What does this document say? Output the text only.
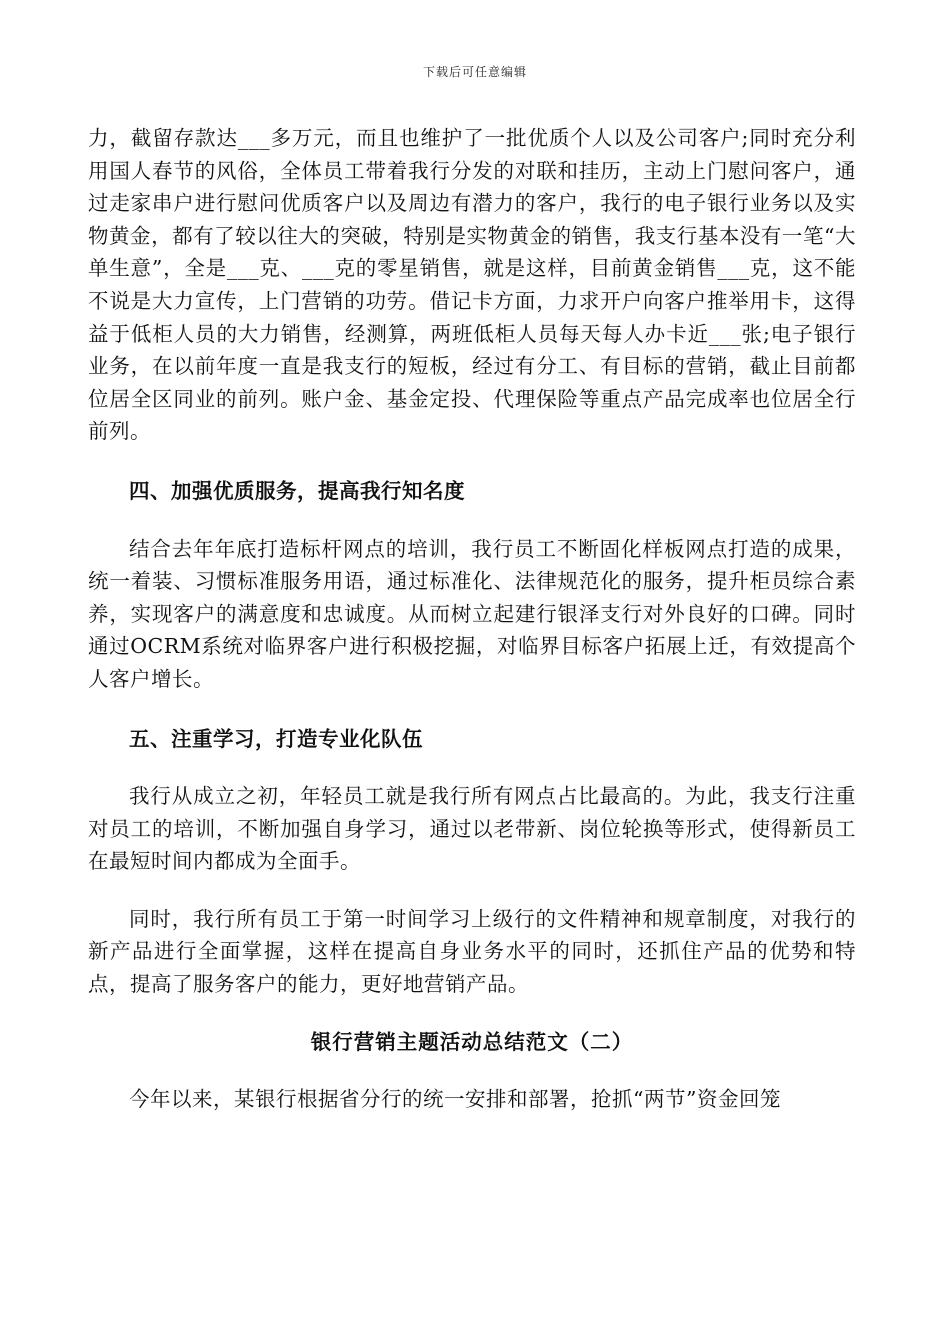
下载后可任意编辑

力，截留存款达___多万元，而且也维护了一批优质个人以及公司客户;同时充分利用国人春节的风俗，全体员工带着我行分发的对联和挂历，主动上门慰问客户，通过走家串户进行慰问优质客户以及周边有潜力的客户，我行的电子银行业务以及实物黄金，都有了较以往大的突破，特别是实物黄金的销售，我支行基本没有一笔“大单生意”，全是___克、___克的零星销售，就是这样，目前黄金销售___克，这不能不说是大力宣传，上门营销的功劳。借记卡方面，力求开户向客户推举用卡，这得益于低柜人员的大力销售，经测算，两班低柜人员每天每人办卡近___张;电子银行业务，在以前年度一直是我支行的短板，经过有分工、有目标的营销，截止目前都位居全区同业的前列。账户金、基金定投、代理保险等重点产品完成率也位居全行前列。

四、加强优质服务，提高我行知名度

结合去年年底打造标杆网点的培训，我行员工不断固化样板网点打造的成果，统一着装、习惯标准服务用语，通过标准化、法律规范化的服务，提升柜员综合素养，实现客户的满意度和忠诚度。从而树立起建行银泽支行对外良好的口碑。同时通过OCRM系统对临界客户进行积极挖掘，对临界目标客户拓展上迁，有效提高个人客户增长。

五、注重学习，打造专业化队伍

我行从成立之初，年轻员工就是我行所有网点占比最高的。为此，我支行注重对员工的培训，不断加强自身学习，通过以老带新、岗位轮换等形式，使得新员工在最短时间内都成为全面手。

同时，我行所有员工于第一时间学习上级行的文件精神和规章制度，对我行的新产品进行全面掌握，这样在提高自身业务水平的同时，还抓住产品的优势和特点，提高了服务客户的能力，更好地营销产品。

银行营销主题活动总结范文（二）

今年以来，某银行根据省分行的统一安排和部署，抢抓“两节”资金回笼
